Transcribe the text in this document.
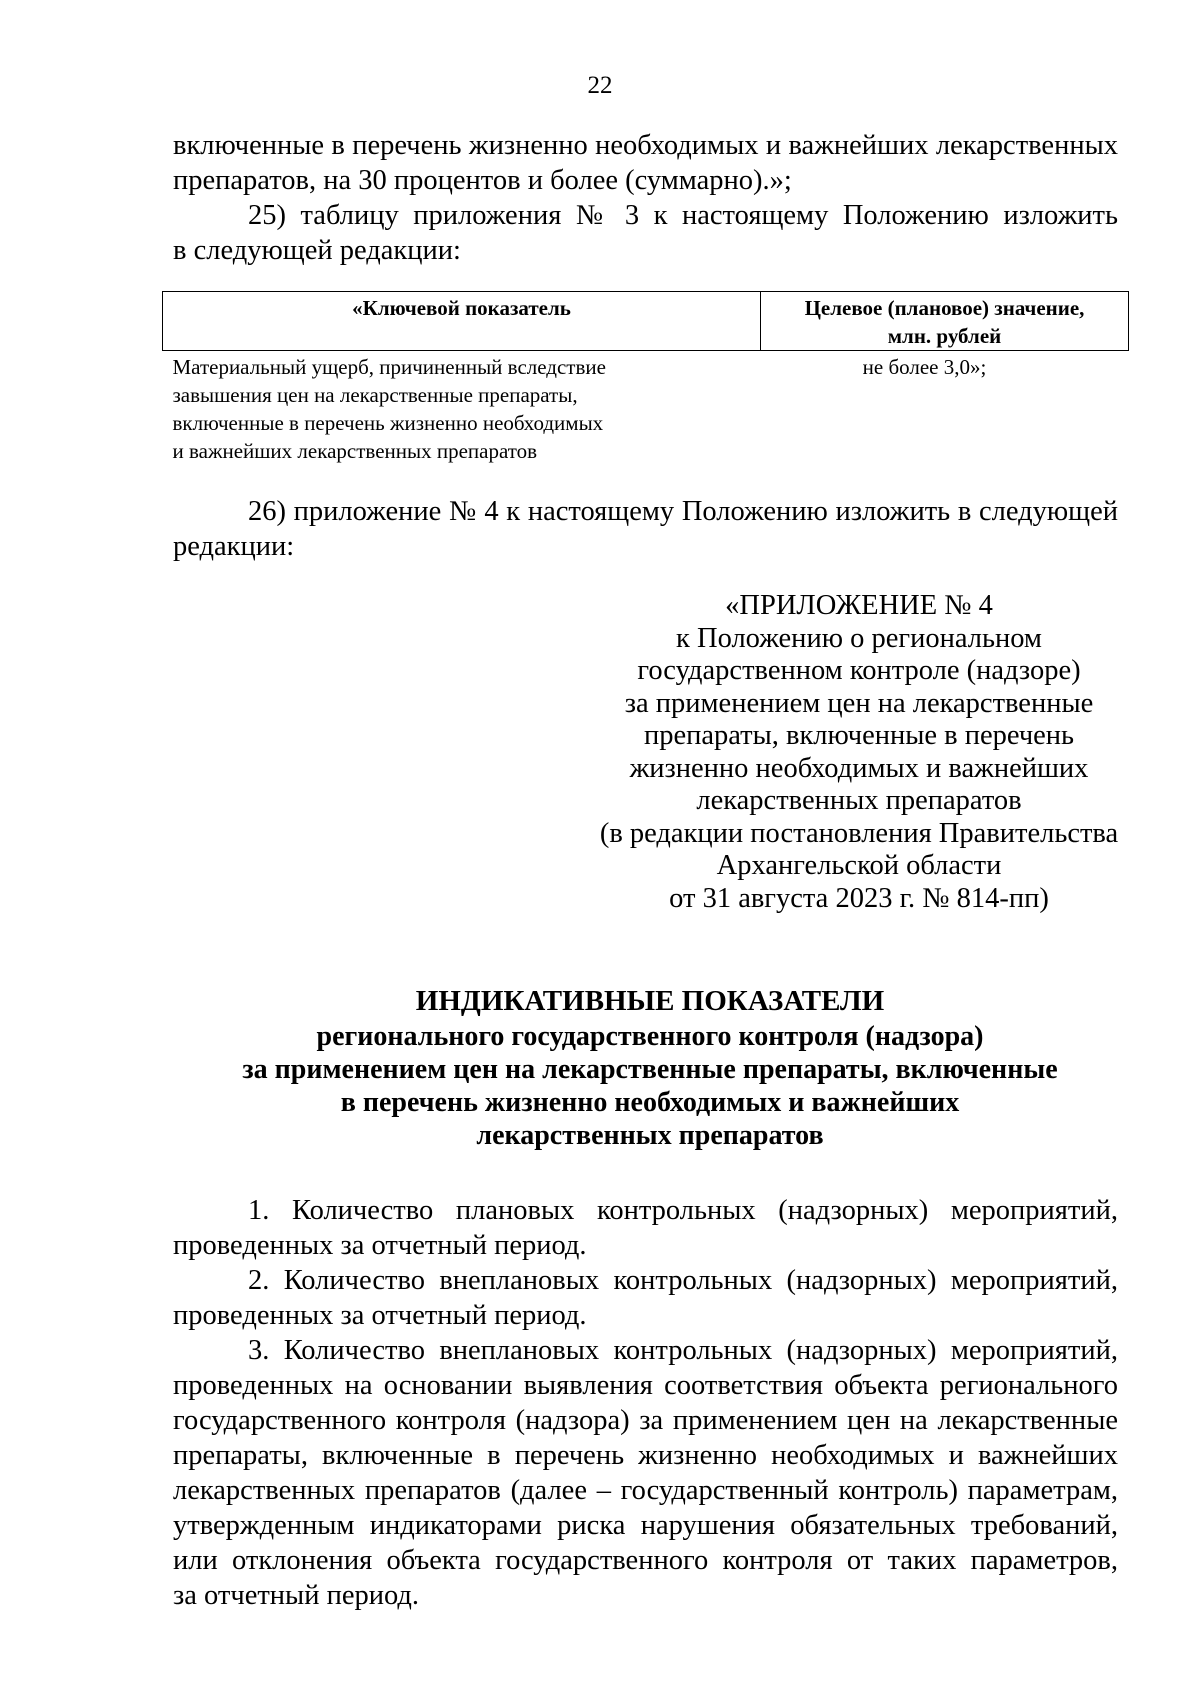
22
включенные в перечень жизненно необходимых и важнейших лекарственных
препаратов, на 30 процентов и более (суммарно).»;
25) таблицу приложения № 3 к настоящему Положению изложить
в следующей редакции:
«Ключевой показатель	Целевое (плановое) значение,
млн. рублей

Материальный ущерб, причиненный вследствие
завышения цен на лекарственные препараты,
включенные в перечень жизненно необходимых
и важнейших лекарственных препаратов	не более 3,0»;
26) приложение № 4 к настоящему Положению изложить в следующей
редакции:
«ПРИЛОЖЕНИЕ № 4
к Положению о региональном
государственном контроле (надзоре)
за применением цен на лекарственные
препараты, включенные в перечень
жизненно необходимых и важнейших
лекарственных препаратов
(в редакции постановления Правительства
Архангельской области
от 31 августа 2023 г. № 814-пп)
ИНДИКАТИВНЫЕ ПОКАЗАТЕЛИ
регионального государственного контроля (надзора)
за применением цен на лекарственные препараты, включенные
в перечень жизненно необходимых и важнейших
лекарственных препаратов
1. Количество плановых контрольных (надзорных) мероприятий,
проведенных за отчетный период.
2. Количество внеплановых контрольных (надзорных) мероприятий,
проведенных за отчетный период.
3. Количество внеплановых контрольных (надзорных) мероприятий,
проведенных на основании выявления соответствия объекта регионального
государственного контроля (надзора) за применением цен на лекарственные
препараты, включенные в перечень жизненно необходимых и важнейших
лекарственных препаратов (далее – государственный контроль) параметрам,
утвержденным индикаторами риска нарушения обязательных требований,
или отклонения объекта государственного контроля от таких параметров,
за отчетный период.
